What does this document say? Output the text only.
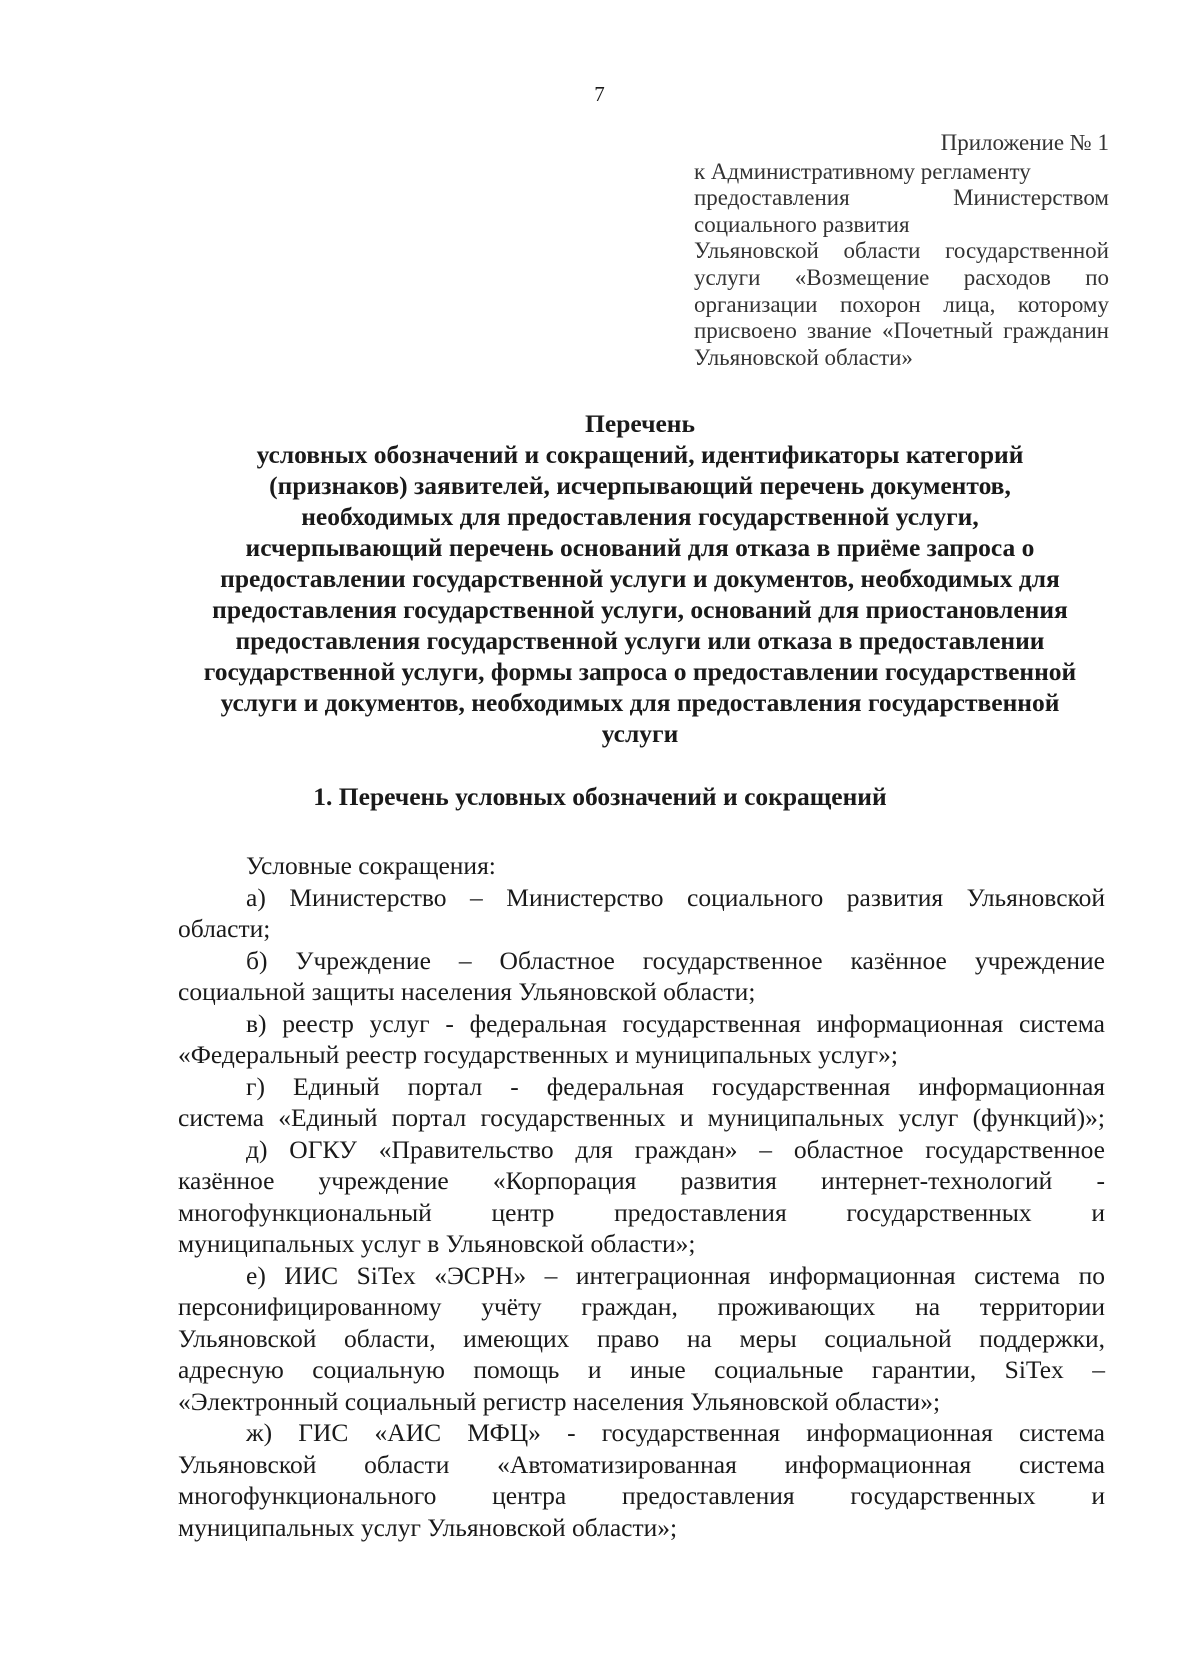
7
Приложение № 1
к Административному регламенту
предоставления Министерством
социального развития
Ульяновской области государственной
услуги «Возмещение расходов по
организации похорон лица, которому
присвоено звание «Почетный гражданин
Ульяновской области»
Перечень
условных обозначений и сокращений, идентификаторы категорий
(признаков) заявителей, исчерпывающий перечень документов,
необходимых для предоставления государственной услуги,
исчерпывающий перечень оснований для отказа в приёме запроса о
предоставлении государственной услуги и документов, необходимых для
предоставления государственной услуги, оснований для приостановления
предоставления государственной услуги или отказа в предоставлении
государственной услуги, формы запроса о предоставлении государственной
услуги и документов, необходимых для предоставления государственной
услуги
1. Перечень условных обозначений и сокращений
Условные сокращения:
а) Министерство – Министерство социального развития Ульяновской
области;
б) Учреждение – Областное государственное казённое учреждение
социальной защиты населения Ульяновской области;
в) реестр услуг - федеральная государственная информационная система
«Федеральный реестр государственных и муниципальных услуг»;
г) Единый портал - федеральная государственная информационная
система «Единый портал государственных и муниципальных услуг (функций)»;
д) ОГКУ «Правительство для граждан» – областное государственное
казённое учреждение «Корпорация развития интернет-технологий -
многофункциональный центр предоставления государственных и
муниципальных услуг в Ульяновской области»;
е) ИИС SiTex «ЭСРН» – интеграционная информационная система по
персонифицированному учёту граждан, проживающих на территории
Ульяновской области, имеющих право на меры социальной поддержки,
адресную социальную помощь и иные социальные гарантии, SiTex –
«Электронный социальный регистр населения Ульяновской области»;
ж) ГИС «АИС МФЦ» - государственная информационная система
Ульяновской области «Автоматизированная информационная система
многофункционального центра предоставления государственных и
муниципальных услуг Ульяновской области»;
